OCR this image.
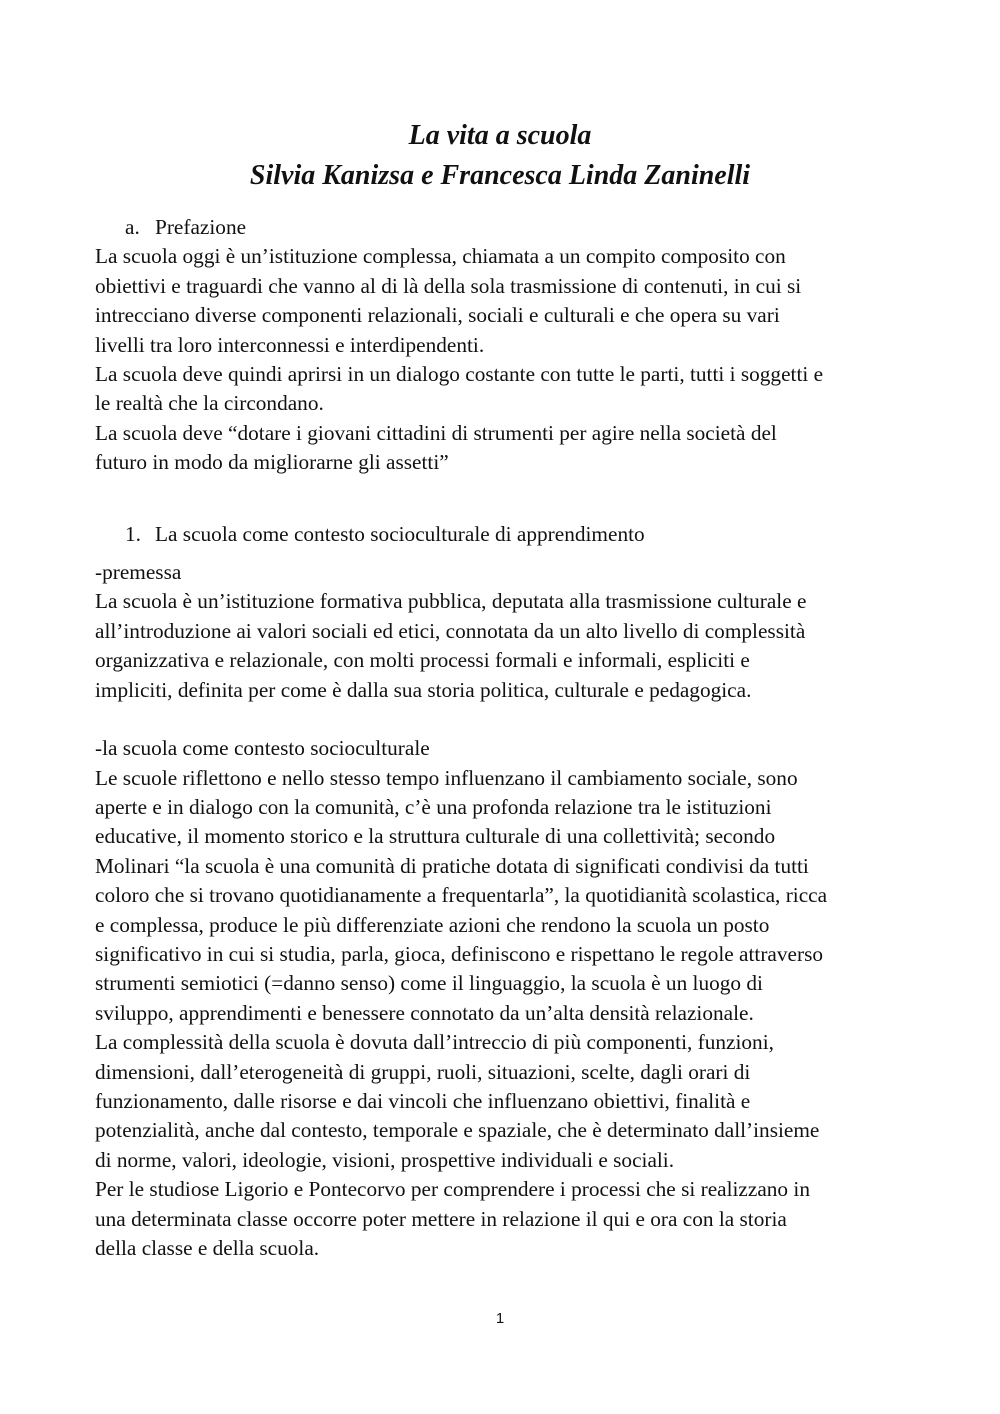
La vita a scuola
Silvia Kanizsa e Francesca Linda Zaninelli
a. Prefazione
La scuola oggi è un’istituzione complessa, chiamata a un compito composito con
obiettivi e traguardi che vanno al di là della sola trasmissione di contenuti, in cui si
intrecciano diverse componenti relazionali, sociali e culturali e che opera su vari
livelli tra loro interconnessi e interdipendenti.
La scuola deve quindi aprirsi in un dialogo costante con tutte le parti, tutti i soggetti e
le realtà che la circondano.
La scuola deve “dotare i giovani cittadini di strumenti per agire nella società del
futuro in modo da migliorarne gli assetti”
1. La scuola come contesto socioculturale di apprendimento
-premessa
La scuola è un’istituzione formativa pubblica, deputata alla trasmissione culturale e
all’introduzione ai valori sociali ed etici, connotata da un alto livello di complessità
organizzativa e relazionale, con molti processi formali e informali, espliciti e
impliciti, definita per come è dalla sua storia politica, culturale e pedagogica.
-la scuola come contesto socioculturale
Le scuole riflettono e nello stesso tempo influenzano il cambiamento sociale, sono
aperte e in dialogo con la comunità, c’è una profonda relazione tra le istituzioni
educative, il momento storico e la struttura culturale di una collettività; secondo
Molinari “la scuola è una comunità di pratiche dotata di significati condivisi da tutti
coloro che si trovano quotidianamente a frequentarla”, la quotidianità scolastica, ricca
e complessa, produce le più differenziate azioni che rendono la scuola un posto
significativo in cui si studia, parla, gioca, definiscono e rispettano le regole attraverso
strumenti semiotici (=danno senso) come il linguaggio, la scuola è un luogo di
sviluppo, apprendimenti e benessere connotato da un’alta densità relazionale.
La complessità della scuola è dovuta dall’intreccio di più componenti, funzioni,
dimensioni, dall’eterogeneità di gruppi, ruoli, situazioni, scelte, dagli orari di
funzionamento, dalle risorse e dai vincoli che influenzano obiettivi, finalità e
potenzialità, anche dal contesto, temporale e spaziale, che è determinato dall’insieme
di norme, valori, ideologie, visioni, prospettive individuali e sociali.
Per le studiose Ligorio e Pontecorvo per comprendere i processi che si realizzano in
una determinata classe occorre poter mettere in relazione il qui e ora con la storia
della classe e della scuola.
1
